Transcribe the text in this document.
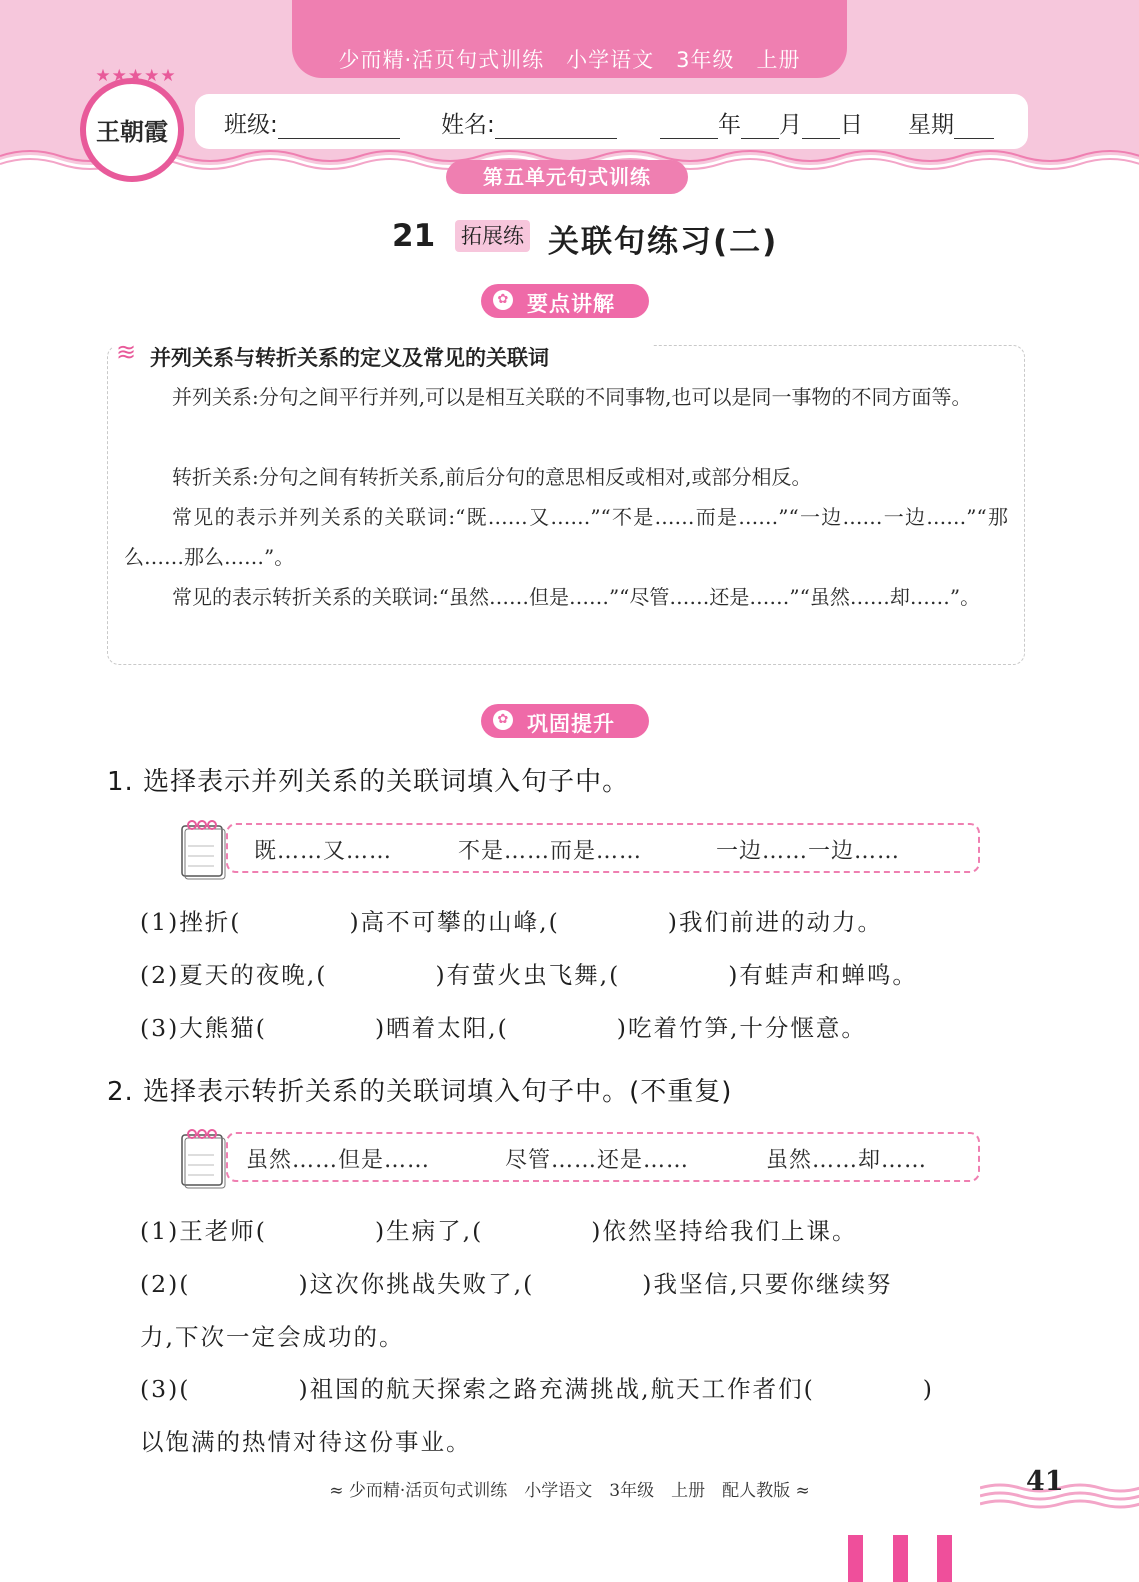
少而精·活页句式训练　小学语文　3年级　上册
★★★★★
王朝霞	班级:	姓名:	年 月 日 星期
第五单元句式训练
21 拓展练 关联句练习(二)
✿ 要点讲解
≋ 并列关系与转折关系的定义及常见的关联词
并列关系:分句之间平行并列,可以是相互关联的不同事物,也可以是同一事物的不同方面等。
转折关系:分句之间有转折关系,前后分句的意思相反或相对,或部分相反。
常见的表示并列关系的关联词:“既……又……”“不是……而是……”“一边……一边……”“那么……那么……”。
常见的表示转折关系的关联词:“虽然……但是……”“尽管……还是……”“虽然……却……”。
✿ 巩固提升
1. 选择表示并列关系的关联词填入句子中。
既……又……	不是……而是……	一边……一边……
(1)挫折(	)高不可攀的山峰,(	)我们前进的动力。
(2)夏天的夜晚,(	)有萤火虫飞舞,(	)有蛙声和蝉鸣。
(3)大熊猫(	)晒着太阳,(	)吃着竹笋,十分惬意。
2. 选择表示转折关系的关联词填入句子中。(不重复)
虽然……但是……	尽管……还是……	虽然……却……
(1)王老师(	)生病了,(	)依然坚持给我们上课。
(2)(	)这次你挑战失败了,(	)我坚信,只要你继续努
力,下次一定会成功的。
(3)(	)祖国的航天探索之路充满挑战,航天工作者们(	)
以饱满的热情对待这份事业。
≈ 少而精·活页句式训练　小学语文　3年级　上册　配人教版 ≈	41
